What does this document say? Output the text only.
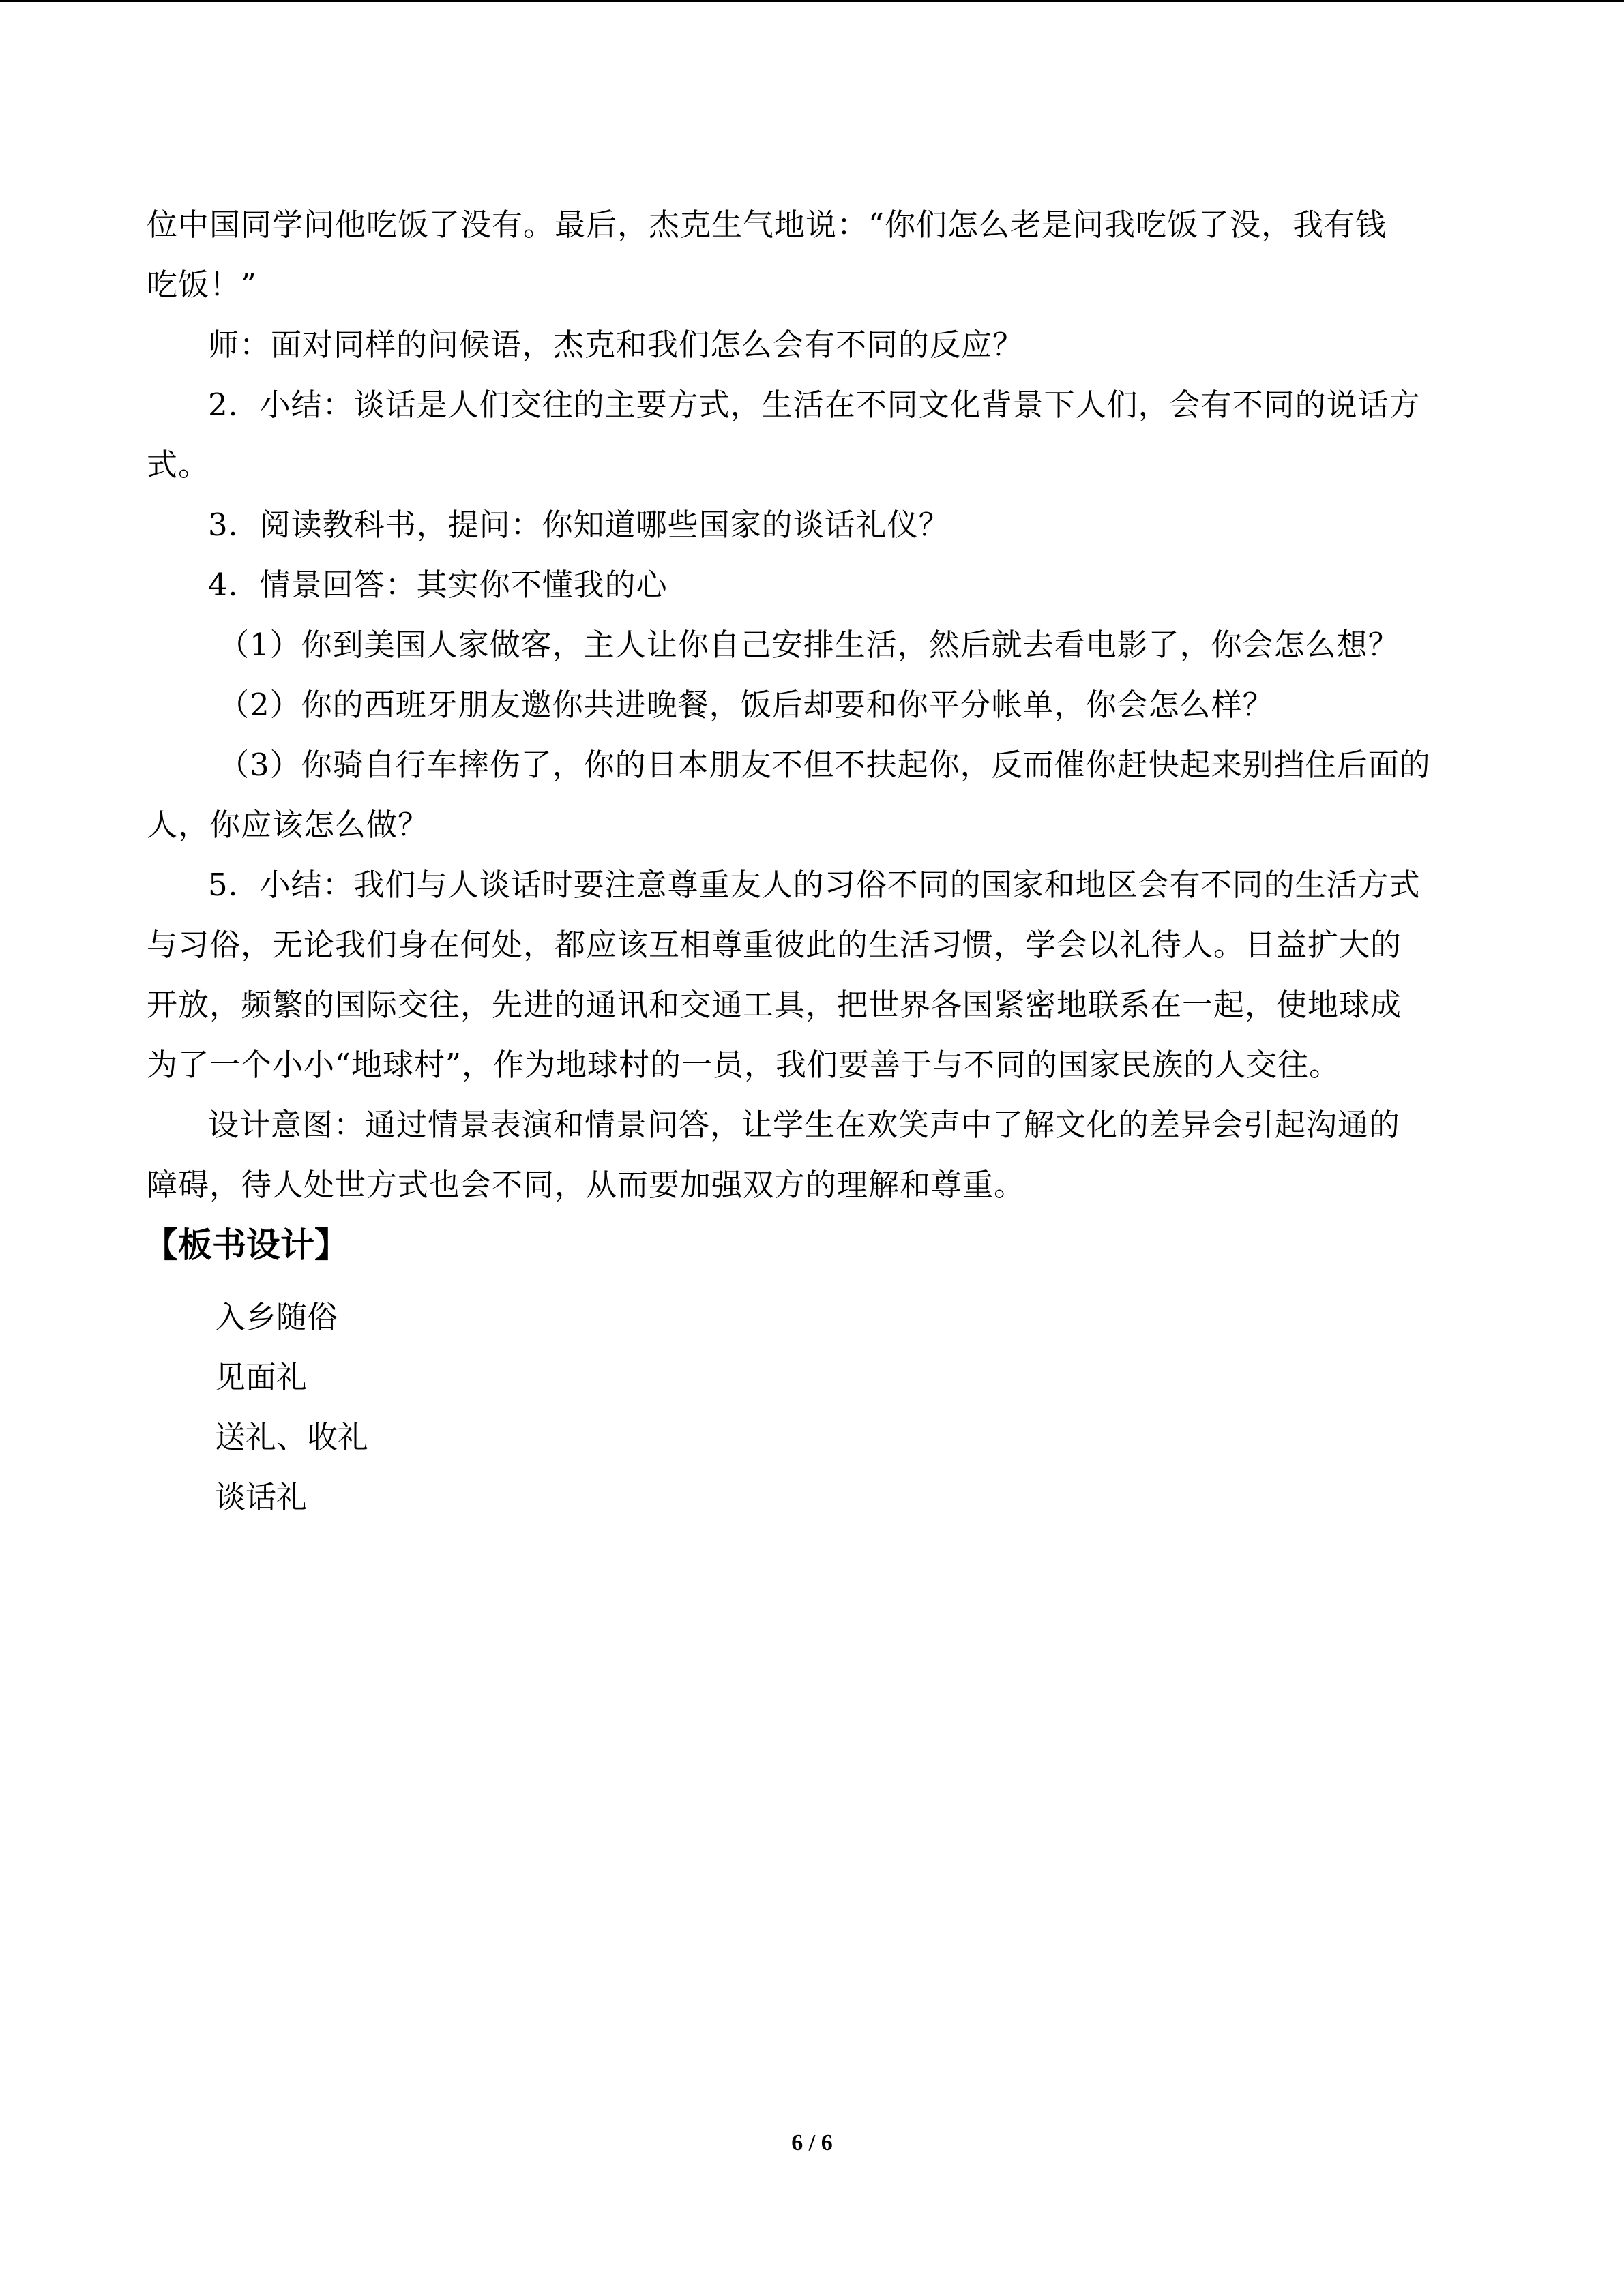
位中国同学问他吃饭了没有。最后，杰克生气地说：“你们怎么老是问我吃饭了没，我有钱
吃饭！”
师：面对同样的问候语，杰克和我们怎么会有不同的反应？
2．小结：谈话是人们交往的主要方式，生活在不同文化背景下人们，会有不同的说话方
式。
3．阅读教科书，提问：你知道哪些国家的谈话礼仪？
4．情景回答：其实你不懂我的心
（1）你到美国人家做客，主人让你自己安排生活，然后就去看电影了，你会怎么想？
（2）你的西班牙朋友邀你共进晚餐，饭后却要和你平分帐单，你会怎么样？
（3）你骑自行车摔伤了，你的日本朋友不但不扶起你，反而催你赶快起来别挡住后面的
人，你应该怎么做？
5．小结：我们与人谈话时要注意尊重友人的习俗不同的国家和地区会有不同的生活方式
与习俗，无论我们身在何处，都应该互相尊重彼此的生活习惯，学会以礼待人。日益扩大的
开放，频繁的国际交往，先进的通讯和交通工具，把世界各国紧密地联系在一起，使地球成
为了一个小小“地球村”，作为地球村的一员，我们要善于与不同的国家民族的人交往。
设计意图：通过情景表演和情景问答，让学生在欢笑声中了解文化的差异会引起沟通的
障碍，待人处世方式也会不同，从而要加强双方的理解和尊重。
【板书设计】
入乡随俗
见面礼
送礼、收礼
谈话礼
6 / 6
